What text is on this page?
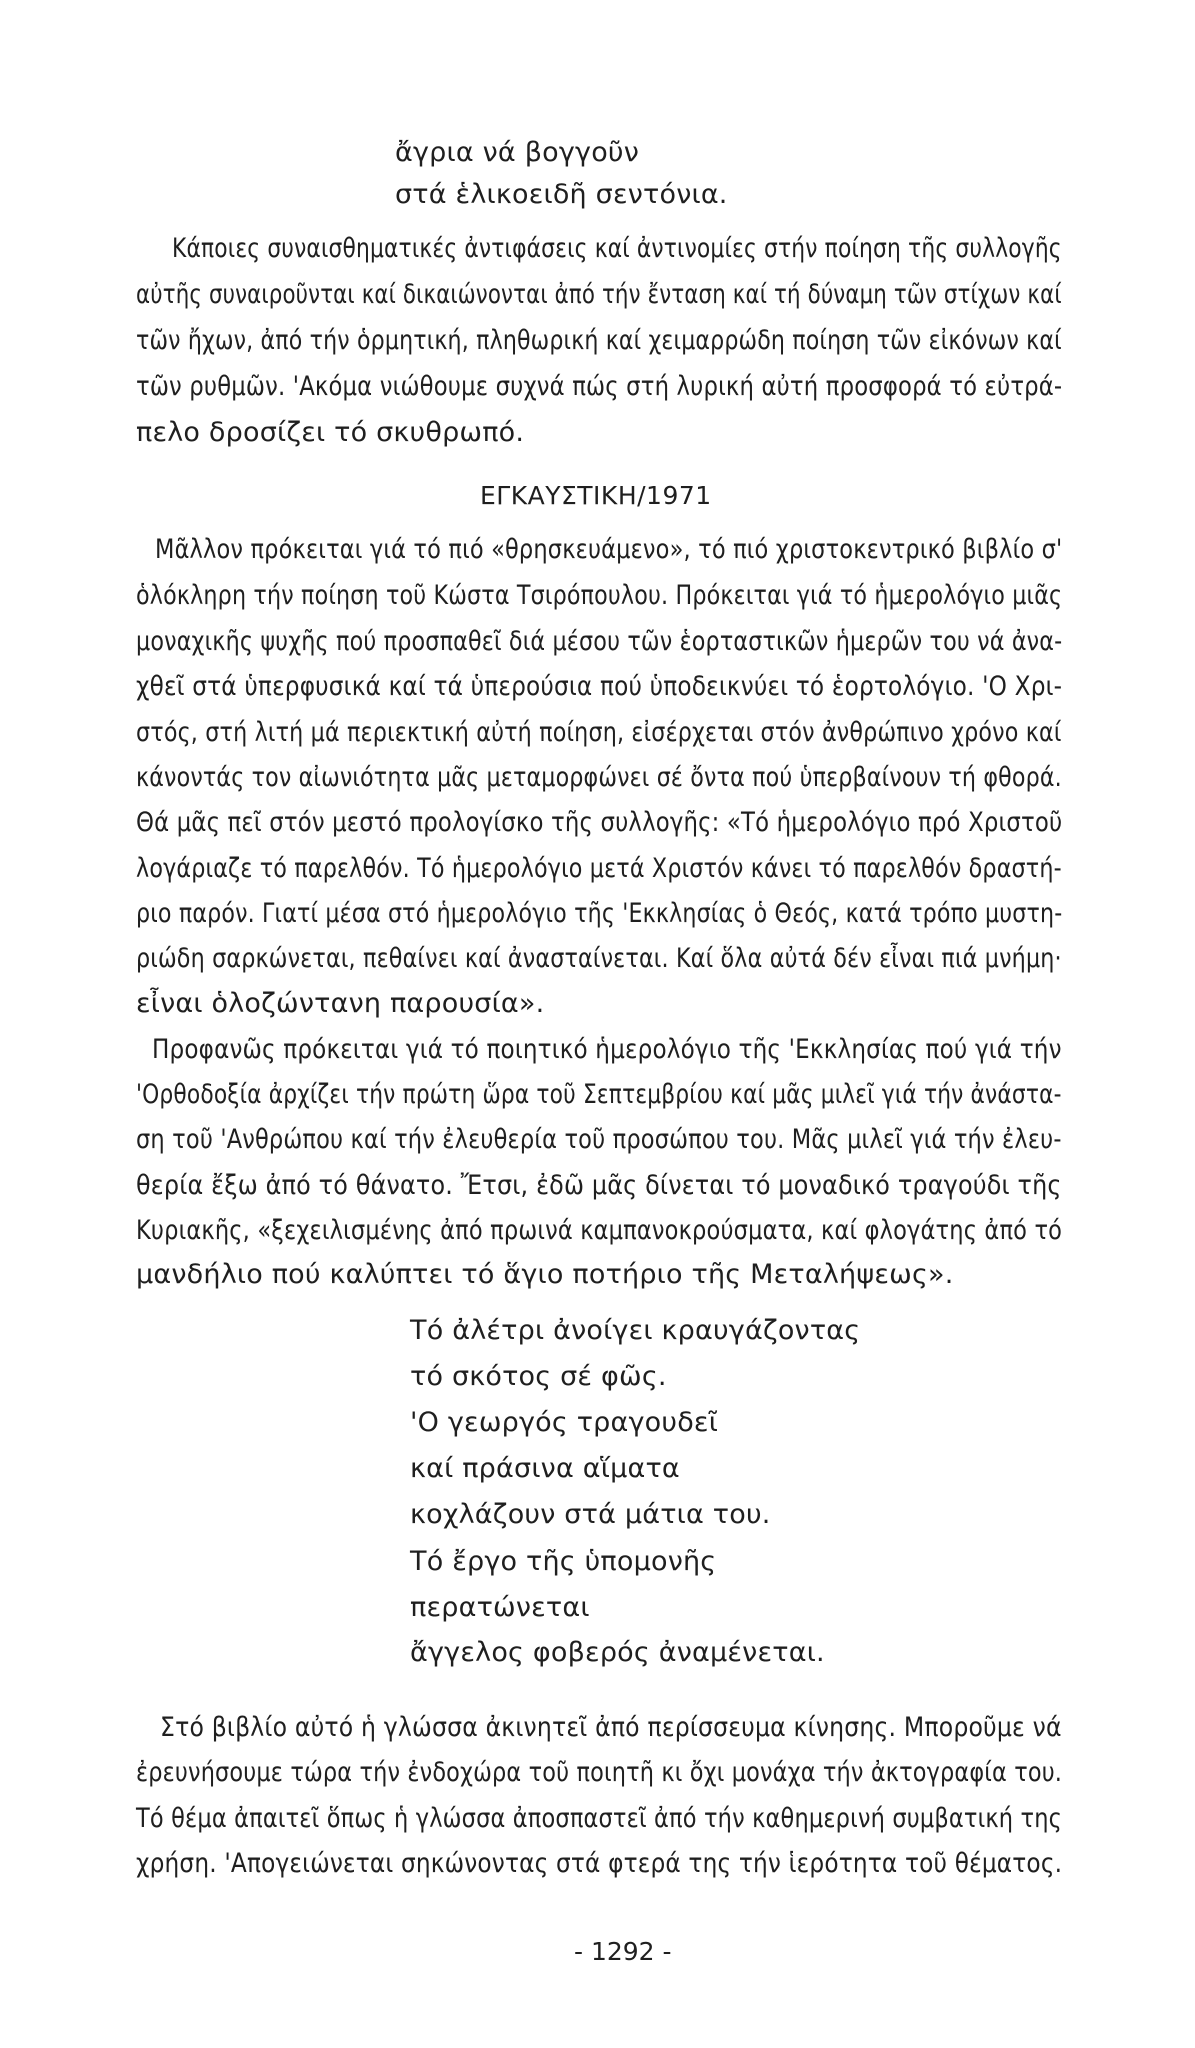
ἄγρια νά βογγοῦν
στά ἑλικοειδῆ σεντόνια.
Κάποιες συναισθηματικές ἀντιφάσεις καί ἀντινομίες στήν ποίηση τῆς συλλογῆς
αὐτῆς συναιροῦνται καί δικαιώνονται ἀπό τήν ἔνταση καί τή δύναμη τῶν στίχων καί
τῶν ἤχων, ἀπό τήν ὁρμητική, πληθωρική καί χειμαρρώδη ποίηση τῶν εἰκόνων καί
τῶν ρυθμῶν. 'Ακόμα νιώθουμε συχνά πώς στή λυρική αὐτή προσφορά τό εὐτρά-
πελο δροσίζει τό σκυθρωπό.
ΕΓΚΑΥΣΤΙΚΗ/1971
Μᾶλλον πρόκειται γιά τό πιό «θρησκευάμενο», τό πιό χριστοκεντρικό βιβλίο σ'
ὁλόκληρη τήν ποίηση τοῦ Κώστα Τσιρόπουλου. Πρόκειται γιά τό ἡμερολόγιο μιᾶς
μοναχικῆς ψυχῆς πού προσπαθεῖ διά μέσου τῶν ἑορταστικῶν ἡμερῶν του νά ἀνα-
χθεῖ στά ὑπερφυσικά καί τά ὑπερούσια πού ὑποδεικνύει τό ἑορτολόγιο. 'Ο Χρι-
στός, στή λιτή μά περιεκτική αὐτή ποίηση, εἰσέρχεται στόν ἀνθρώπινο χρόνο καί
κάνοντάς τον αἰωνιότητα μᾶς μεταμορφώνει σέ ὄντα πού ὑπερβαίνουν τή φθορά.
Θά μᾶς πεῖ στόν μεστό προλογίσκο τῆς συλλογῆς: «Τό ἡμερολόγιο πρό Χριστοῦ
λογάριαζε τό παρελθόν. Τό ἡμερολόγιο μετά Χριστόν κάνει τό παρελθόν δραστή-
ριο παρόν. Γιατί μέσα στό ἡμερολόγιο τῆς 'Εκκλησίας ὁ Θεός, κατά τρόπο μυστη-
ριώδη σαρκώνεται, πεθαίνει καί ἀνασταίνεται. Καί ὅλα αὐτά δέν εἶναι πιά μνήμη·
εἶναι ὁλοζώντανη παρουσία».
Προφανῶς πρόκειται γιά τό ποιητικό ἡμερολόγιο τῆς 'Εκκλησίας πού γιά τήν
'Ορθοδοξία ἀρχίζει τήν πρώτη ὥρα τοῦ Σεπτεμβρίου καί μᾶς μιλεῖ γιά τήν ἀνάστα-
ση τοῦ 'Ανθρώπου καί τήν ἐλευθερία τοῦ προσώπου του. Μᾶς μιλεῖ γιά τήν ἐλευ-
θερία ἔξω ἀπό τό θάνατο. Ἔτσι, ἐδῶ μᾶς δίνεται τό μοναδικό τραγούδι τῆς
Κυριακῆς, «ξεχειλισμένης ἀπό πρωινά καμπανοκρούσματα, καί φλογάτης ἀπό τό
μανδήλιο πού καλύπτει τό ἅγιο ποτήριο τῆς Μεταλήψεως».
Τό ἀλέτρι ἀνοίγει κραυγάζοντας
τό σκότος σέ φῶς.
'Ο γεωργός τραγουδεῖ
καί πράσινα αἵματα
κοχλάζουν στά μάτια του.
Τό ἔργο τῆς ὑπομονῆς
περατώνεται
ἄγγελος φοβερός ἀναμένεται.
Στό βιβλίο αὐτό ἡ γλώσσα ἀκινητεῖ ἀπό περίσσευμα κίνησης. Μποροῦμε νά
ἐρευνήσουμε τώρα τήν ἐνδοχώρα τοῦ ποιητῆ κι ὄχι μονάχα τήν ἀκτογραφία του.
Τό θέμα ἀπαιτεῖ ὅπως ἡ γλώσσα ἀποσπαστεῖ ἀπό τήν καθημερινή συμβατική της
χρήση. 'Απογειώνεται σηκώνοντας στά φτερά της τήν ἱερότητα τοῦ θέματος.
- 1292 -
